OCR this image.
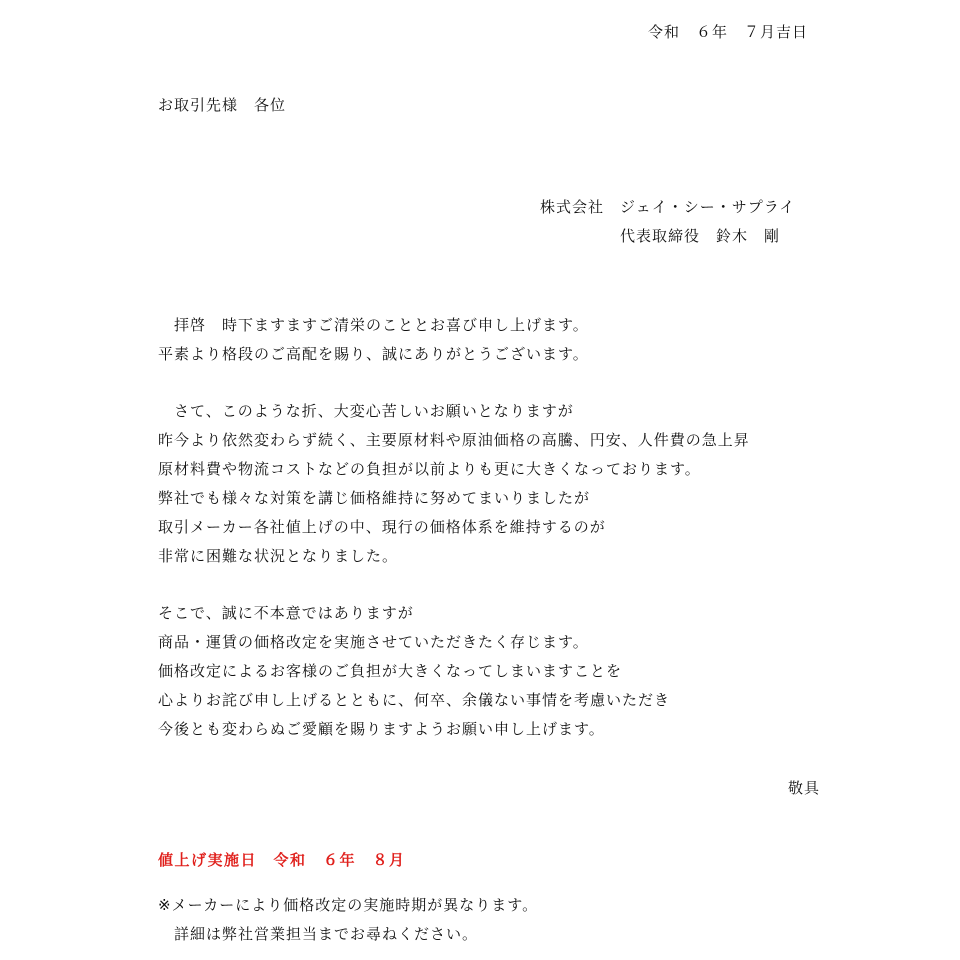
令和　６年　７月吉日
お取引先様　各位
株式会社　ジェイ・シー・サプライ
代表取締役　鈴木　剛
　拝啓　時下ますますご清栄のこととお喜び申し上げます。
平素より格段のご高配を賜り、誠にありがとうございます。
　さて、このような折、大変心苦しいお願いとなりますが
昨今より依然変わらず続く、主要原材料や原油価格の高騰、円安、人件費の急上昇
原材料費や物流コストなどの負担が以前よりも更に大きくなっております。
弊社でも様々な対策を講じ価格維持に努めてまいりましたが
取引メーカー各社値上げの中、現行の価格体系を維持するのが
非常に困難な状況となりました。
そこで、誠に不本意ではありますが
商品・運賃の価格改定を実施させていただきたく存じます。
価格改定によるお客様のご負担が大きくなってしまいますことを
心よりお詫び申し上げるとともに、何卒、余儀ない事情を考慮いただき
今後とも変わらぬご愛顧を賜りますようお願い申し上げます。
敬具
値上げ実施日　令和　６年　８月
※メーカーにより価格改定の実施時期が異なります。
　詳細は弊社営業担当までお尋ねください。
